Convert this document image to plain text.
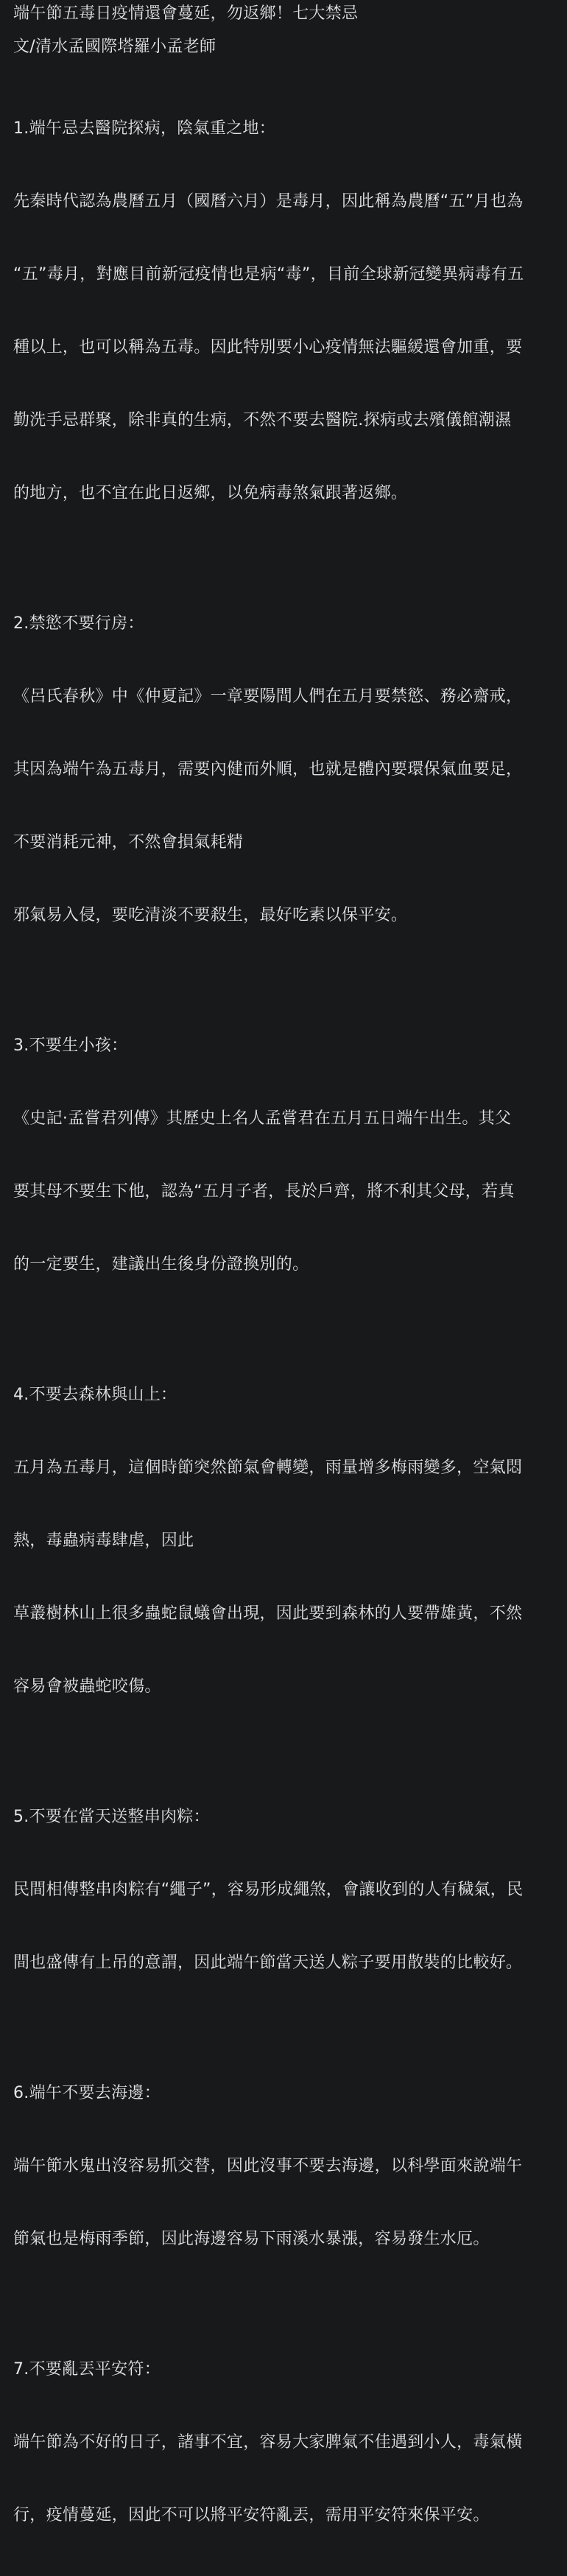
端午節五毒日疫情還會蔓延，勿返鄉！七大禁忌
文/清水孟國際塔羅小孟老師

1.端午忌去醫院探病，陰氣重之地：

先秦時代認為農曆五月（國曆六月）是毒月，因此稱為農曆“五”月也為

“五”毒月，對應目前新冠疫情也是病“毒”，目前全球新冠變異病毒有五

種以上，也可以稱為五毒。因此特別要小心疫情無法驅緩還會加重，要

勤洗手忌群聚，除非真的生病，不然不要去醫院.探病或去殯儀館潮濕

的地方，也不宜在此日返鄉，以免病毒煞氣跟著返鄉。

2.禁慾不要行房：

《呂氏春秋》中《仲夏記》一章要陽間人們在五月要禁慾、務必齋戒，

其因為端午為五毒月，需要內健而外順，也就是體內要環保氣血要足，

不要消耗元神，不然會損氣耗精

邪氣易入侵，要吃清淡不要殺生，最好吃素以保平安。

3.不要生小孩：

《史記·孟嘗君列傳》其歷史上名人孟嘗君在五月五日端午出生。其父

要其母不要生下他，認為“五月子者，長於戶齊，將不利其父母，若真

的一定要生，建議出生後身份證換別的。

4.不要去森林與山上：

五月為五毒月，這個時節突然節氣會轉變，雨量增多梅雨變多，空氣悶

熱，毒蟲病毒肆虐，因此

草叢樹林山上很多蟲蛇鼠蟻會出現，因此要到森林的人要帶雄黃，不然

容易會被蟲蛇咬傷。

5.不要在當天送整串肉粽：

民間相傳整串肉粽有“繩子”，容易形成繩煞，會讓收到的人有穢氣，民

間也盛傳有上吊的意謂，因此端午節當天送人粽子要用散裝的比較好。

6.端午不要去海邊：

端午節水鬼出沒容易抓交替，因此沒事不要去海邊，以科學面來說端午

節氣也是梅雨季節，因此海邊容易下雨溪水暴漲，容易發生水厄。

7.不要亂丟平安符：

端午節為不好的日子，諸事不宜，容易大家脾氣不佳遇到小人，毒氣橫

行，疫情蔓延，因此不可以將平安符亂丟，需用平安符來保平安。
